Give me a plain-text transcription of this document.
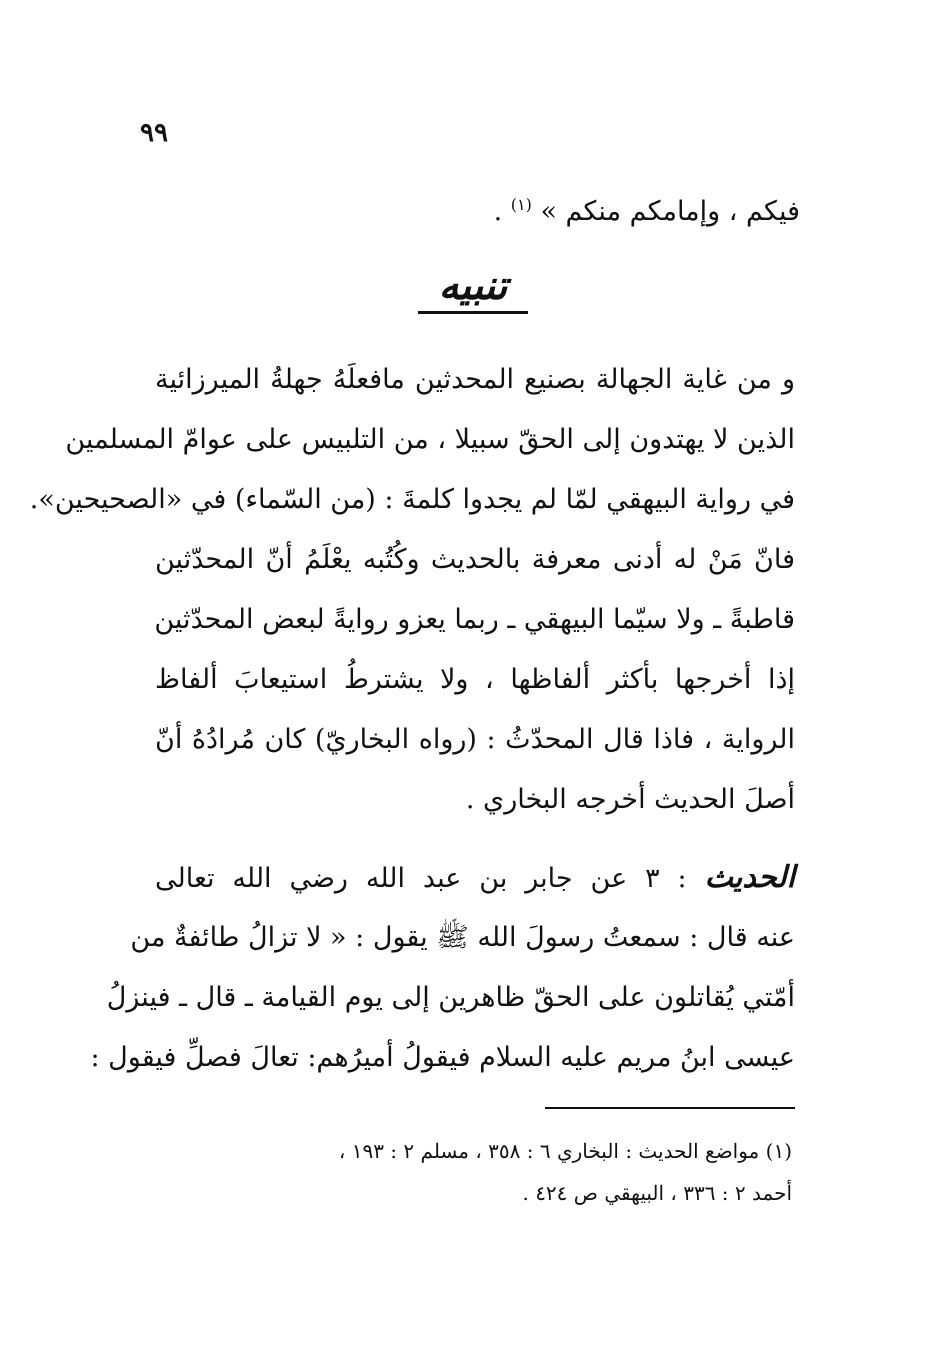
٩٩
فيكم ، وإمامكم منكم » $^{(١)}$ .
تنبيه
و من غاية الجهالة بصنيع المحدثين مافعلَهُ جهلةُ الميرزائية
الذين لا يهتدون إلى الحقّ سبيلا ، من التلبيس على عوامّ المسلمين
في رواية البيهقي لمّا لم يجدوا كلمةَ : (من السّماء) في «الصحيحين».
فانّ مَنْ له أدنى معرفة بالحديث وكُتُبه يعْلَمُ أنّ المحدّثين
قاطبةً ـ ولا سيّما البيهقي ـ ربما يعزو روايةً لبعض المحدّثين
إذا أخرجها بأكثر ألفاظها ، ولا يشترطُ استيعابَ ألفاظ
الرواية ، فاذا قال المحدّثُ : (رواه البخاريّ) كان مُرادُهُ أنّ
أصلَ الحديث أخرجه البخاري .
الحديث : ٣ عن جابر بن عبد الله رضي الله تعالى
عنه قال : سمعتُ رسولَ الله ﷺ يقول : « لا تزالُ طائفةٌ من
أمّتي يُقاتلون على الحقّ ظاهرين إلى يوم القيامة ـ قال ـ فينزلُ
عيسى ابنُ مريم عليه السلام فيقولُ أميرُهم: تعالَ فصلِّ فيقول :
(١) مواضع الحديث : البخاري ٦ : ٣٥٨ ، مسلم ٢ : ١٩٣ ،
أحمد ٢ : ٣٣٦ ، البيهقي ص ٤٢٤ .
